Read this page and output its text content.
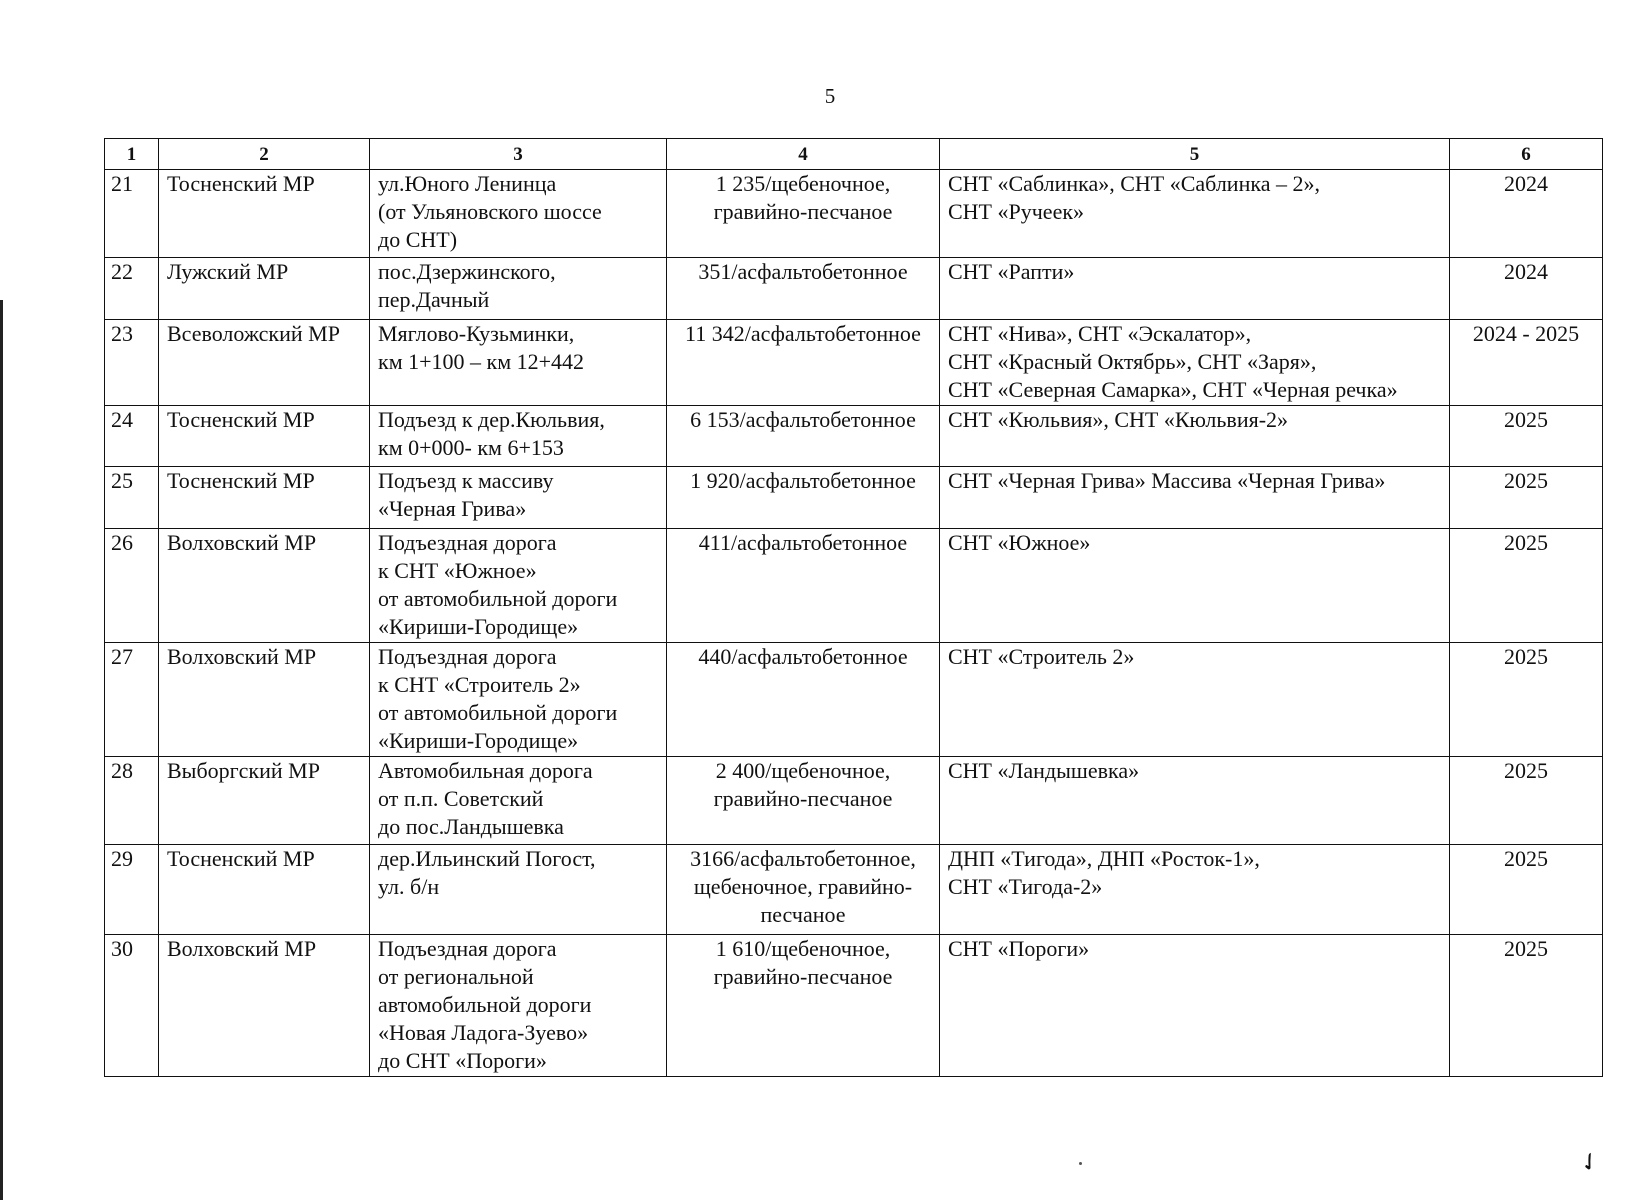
5
1	2	3	4	5	6
21	Тосненский МР	ул.Юного Ленинца
(от Ульяновского шоссе
до СНТ)	1 235/щебеночное,
гравийно-песчаное	СНТ «Саблинка», СНТ «Саблинка – 2»,
СНТ «Ручеек»	2024
22	Лужский МР	пос.Дзержинского,
пер.Дачный	351/асфальтобетонное	СНТ «Рапти»	2024
23	Всеволожский МР	Мяглово-Кузьминки,
км 1+100 – км 12+442	11 342/асфальтобетонное	СНТ «Нива», СНТ «Эскалатор»,
СНТ «Красный Октябрь», СНТ «Заря»,
СНТ «Северная Самарка», СНТ «Черная речка»	2024 - 2025
24	Тосненский МР	Подъезд к дер.Кюльвия,
км 0+000- км 6+153	6 153/асфальтобетонное	СНТ «Кюльвия», СНТ «Кюльвия-2»	2025
25	Тосненский МР	Подъезд к массиву
«Черная Грива»	1 920/асфальтобетонное	СНТ «Черная Грива» Массива «Черная Грива»	2025
26	Волховский МР	Подъездная дорога
к СНТ «Южное»
от автомобильной дороги
«Кириши-Городище»	411/асфальтобетонное	СНТ «Южное»	2025
27	Волховский МР	Подъездная дорога
к СНТ «Строитель 2»
от автомобильной дороги
«Кириши-Городище»	440/асфальтобетонное	СНТ «Строитель 2»	2025
28	Выборгский МР	Автомобильная дорога
от п.п. Советский
до пос.Ландышевка	2 400/щебеночное,
гравийно-песчаное	СНТ «Ландышевка»	2025
29	Тосненский МР	дер.Ильинский Погост,
ул. б/н	3166/асфальтобетонное,
щебеночное, гравийно-
песчаное	ДНП «Тигода», ДНП «Росток-1»,
СНТ «Тигода-2»	2025
30	Волховский МР	Подъездная дорога
от региональной
автомобильной дороги
«Новая Ладога-Зуево»
до СНТ «Пороги»	1 610/щебеночное,
гравийно-песчаное	СНТ «Пороги»	2025
✓
